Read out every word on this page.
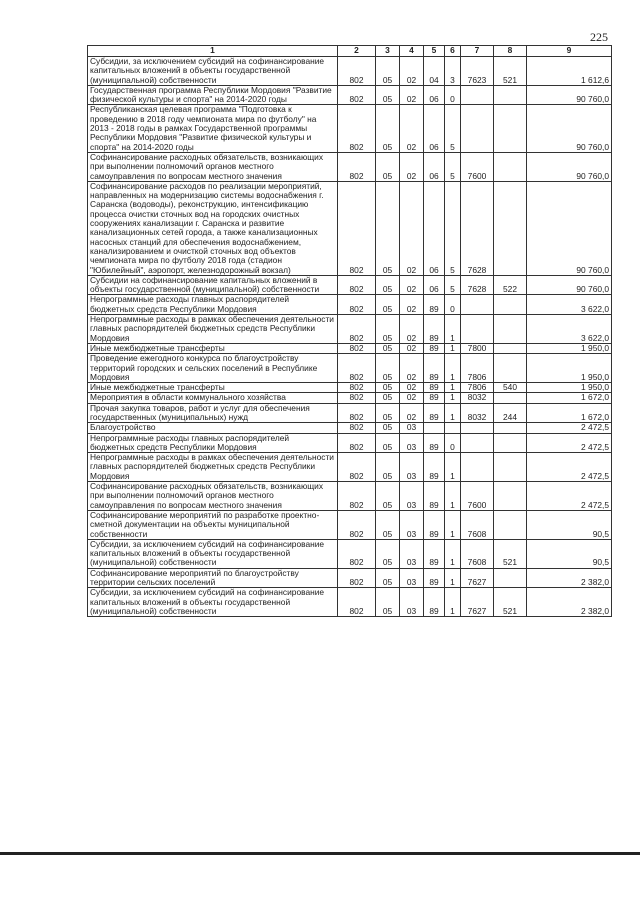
225
1	2	3	4	5	6	7	8	9
Субсидии, за исключением субсидий на софинансирование капитальных вложений в объекты государственной (муниципальной) собственности	802	05	02	04	3	7623	521	1 612,6
Государственная программа Республики Мордовия "Развитие физической культуры и спорта" на 2014-2020 годы	802	05	02	06	0			90 760,0
Республиканская целевая программа "Подготовка к проведению в 2018 году чемпионата мира по футболу" на 2013 - 2018 годы в рамках Государственной программы Республики Мордовия "Развитие физической культуры и спорта" на 2014-2020 годы	802	05	02	06	5			90 760,0
Софинансирование расходных обязательств, возникающих при выполнении полномочий органов местного самоуправления по вопросам местного значения	802	05	02	06	5	7600		90 760,0
Софинансирование расходов по реализации мероприятий, направленных на модернизацию системы водоснабжения г. Саранска (водоводы), реконструкцию, интенсификацию процесса очистки сточных вод на городских очистных сооружениях канализации г. Саранска и развитие канализационных сетей города, а также канализационных насосных станций для обеспечения водоснабжением, канализированием и очисткой сточных вод объектов чемпионата мира по футболу 2018 года (стадион "Юбилейный", аэропорт, железнодорожный вокзал)	802	05	02	06	5	7628		90 760,0
Субсидии на софинансирование капитальных вложений в объекты государственной (муниципальной) собственности	802	05	02	06	5	7628	522	90 760,0
Непрограммные расходы главных распорядителей бюджетных средств Республики Мордовия	802	05	02	89	0			3 622,0
Непрограммные расходы в рамках обеспечения деятельности главных распорядителей бюджетных средств Республики Мордовия	802	05	02	89	1			3 622,0
Иные межбюджетные трансферты	802	05	02	89	1	7800		1 950,0
Проведение ежегодного конкурса по благоустройству территорий городских и сельских поселений в Республике Мордовия	802	05	02	89	1	7806		1 950,0
Иные межбюджетные трансферты	802	05	02	89	1	7806	540	1 950,0
Мероприятия в области коммунального хозяйства	802	05	02	89	1	8032		1 672,0
Прочая закупка товаров, работ и услуг для обеспечения государственных (муниципальных) нужд	802	05	02	89	1	8032	244	1 672,0
Благоустройство	802	05	03					2 472,5
Непрограммные расходы главных распорядителей бюджетных средств Республики Мордовия	802	05	03	89	0			2 472,5
Непрограммные расходы в рамках обеспечения деятельности главных распорядителей бюджетных средств Республики Мордовия	802	05	03	89	1			2 472,5
Софинансирование расходных обязательств, возникающих при выполнении полномочий органов местного самоуправления по вопросам местного значения	802	05	03	89	1	7600		2 472,5
Софинансирование мероприятий по разработке проектно-сметной документации на объекты муниципальной собственности	802	05	03	89	1	7608		90,5
Субсидии, за исключением субсидий на софинансирование капитальных вложений в объекты государственной (муниципальной) собственности	802	05	03	89	1	7608	521	90,5
Софинансирование мероприятий по благоустройству территории сельских поселений	802	05	03	89	1	7627		2 382,0
Субсидии, за исключением субсидий на софинансирование капитальных вложений в объекты государственной (муниципальной) собственности	802	05	03	89	1	7627	521	2 382,0
